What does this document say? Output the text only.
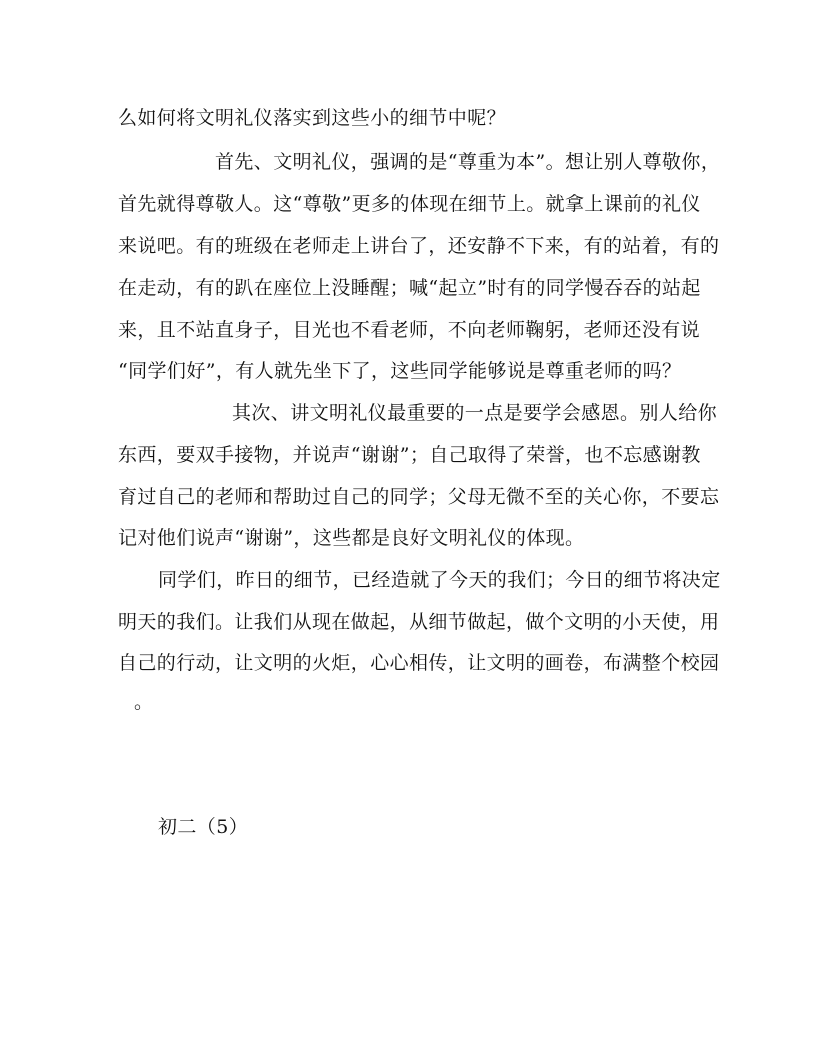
么如何将文明礼仪落实到这些小的细节中呢？
首先、文明礼仪，强调的是“尊重为本”。想让别人尊敬你，
首先就得尊敬人。这“尊敬”更多的体现在细节上。就拿上课前的礼仪
来说吧。有的班级在老师走上讲台了，还安静不下来，有的站着，有的
在走动，有的趴在座位上没睡醒；喊“起立”时有的同学慢吞吞的站起
来，且不站直身子，目光也不看老师，不向老师鞠躬，老师还没有说
“同学们好”，有人就先坐下了，这些同学能够说是尊重老师的吗？
其次、讲文明礼仪最重要的一点是要学会感恩。别人给你
东西，要双手接物，并说声“谢谢”；自己取得了荣誉，也不忘感谢教
育过自己的老师和帮助过自己的同学；父母无微不至的关心你，不要忘
记对他们说声“谢谢”，这些都是良好文明礼仪的体现。
同学们，昨日的细节，已经造就了今天的我们；今日的细节将决定
明天的我们。让我们从现在做起，从细节做起，做个文明的小天使，用
自己的行动，让文明的火炬，心心相传，让文明的画卷，布满整个校园
。
初二（5）
